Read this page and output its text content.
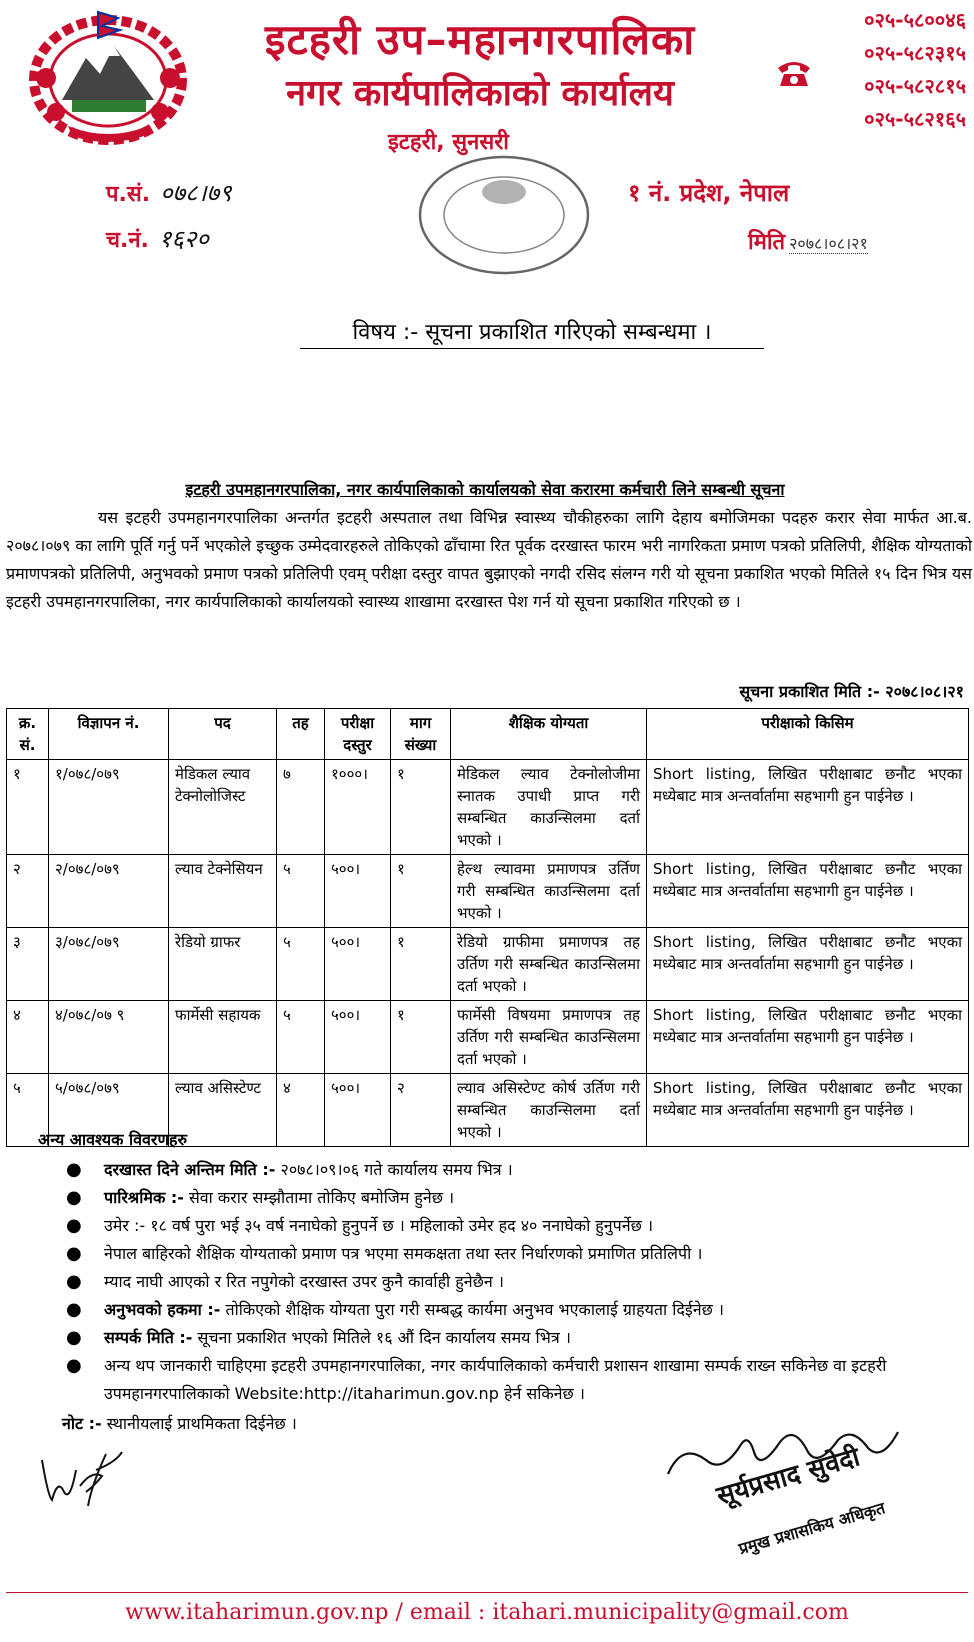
इटहरी उप–महानगरपालिका
नगर कार्यपालिकाको कार्यालय
इटहरी, सुनसरी
०२५-५८००४६
०२५-५८२३१५
०२५-५८२८१५
०२५-५८२१६५
प.सं. ०७८।७९
च.नं. १६२०
१ नं. प्रदेश, नेपाल
मिति २०७८।०८।२१
विषय :- सूचना प्रकाशित गरिएको सम्बन्धमा ।
इटहरी उपमहानगरपालिका, नगर कार्यपालिकाको कार्यालयको सेवा करारमा कर्मचारी लिने सम्बन्धी सूचना
यस इटहरी उपमहानगरपालिका अन्तर्गत इटहरी अस्पताल तथा विभिन्न स्वास्थ्य चौकीहरुका लागि देहाय बमोजिमका पदहरु करार सेवा मार्फत आ.ब. २०७८।०७९ का लागि पूर्ति गर्नु पर्ने भएकोले इच्छुक उम्मेदवारहरुले तोकिएको ढाँचामा रित पूर्वक दरखास्त फारम भरी नागरिकता प्रमाण पत्रको प्रतिलिपी, शैक्षिक योग्यताको प्रमाणपत्रको प्रतिलिपी, अनुभवको प्रमाण पत्रको प्रतिलिपी एवम् परीक्षा दस्तुर वापत बुझाएको नगदी रसिद संलग्न गरी यो सूचना प्रकाशित भएको मितिले १५ दिन भित्र यस इटहरी उपमहानगरपालिका, नगर कार्यपालिकाको कार्यालयको स्वास्थ्य शाखामा दरखास्त पेश गर्न यो सूचना प्रकाशित गरिएको छ ।
सूचना प्रकाशित मिति :- २०७८।०८।२१
क्र. सं.	विज्ञापन नं.	पद	तह	परीक्षा दस्तुर	माग संख्या	शैक्षिक योग्यता	परीक्षाको किसिम
१	१/०७८/०७९	मेडिकल ल्याव टेक्नोलोजिस्ट	७	१०००।	१	मेडिकल ल्याव टेक्नोलोजीमा स्नातक उपाधी प्राप्त गरी सम्बन्धित काउन्सिलमा दर्ता भएको ।	Short listing, लिखित परीक्षाबाट छनौट भएका मध्येबाट मात्र अन्तर्वार्तामा सहभागी हुन पाईनेछ ।
२	२/०७८/०७९	ल्याव टेक्नेसियन	५	५००।	१	हेल्थ ल्यावमा प्रमाणपत्र उर्तिण गरी सम्बन्धित काउन्सिलमा दर्ता भएको ।	Short listing, लिखित परीक्षाबाट छनौट भएका मध्येबाट मात्र अन्तर्वार्तामा सहभागी हुन पाईनेछ ।
३	३/०७८/०७९	रेडियो ग्राफर	५	५००।	१	रेडियो ग्राफीमा प्रमाणपत्र तह उर्तिण गरी सम्बन्धित काउन्सिलमा दर्ता भएको ।	Short listing, लिखित परीक्षाबाट छनौट भएका मध्येबाट मात्र अन्तर्वार्तामा सहभागी हुन पाईनेछ ।
४	४/०७८/०७ ९	फार्मेसी सहायक	५	५००।	१	फार्मेसी विषयमा प्रमाणपत्र तह उर्तिण गरी सम्बन्धित काउन्सिलमा दर्ता भएको ।	Short listing, लिखित परीक्षाबाट छनौट भएका मध्येबाट मात्र अन्तर्वार्तामा सहभागी हुन पाईनेछ ।
५	५/०७८/०७९	ल्याव असिस्टेण्ट	४	५००।	२	ल्याव असिस्टेण्ट कोर्ष उर्तिण गरी सम्बन्धित काउन्सिलमा दर्ता भएको ।	Short listing, लिखित परीक्षाबाट छनौट भएका मध्येबाट मात्र अन्तर्वार्तामा सहभागी हुन पाईनेछ ।
अन्य आवश्यक विवरणहरु
● दरखास्त दिने अन्तिम मिति :- २०७८।०९।०६ गते कार्यालय समय भित्र ।
● पारिश्रमिक :- सेवा करार सम्झौतामा तोकिए बमोजिम हुनेछ ।
● उमेर :- १८ वर्ष पुरा भई ३५ वर्ष ननाघेको हुनुपर्ने छ । महिलाको उमेर हद ४० ननाघेको हुनुपर्नेछ ।
● नेपाल बाहिरको शैक्षिक योग्यताको प्रमाण पत्र भएमा समकक्षता तथा स्तर निर्धारणको प्रमाणित प्रतिलिपी ।
● म्याद नाघी आएको र रित नपुगेको दरखास्त उपर कुनै कार्वाही हुनेछैन ।
● अनुभवको हकमा :- तोकिएको शैक्षिक योग्यता पुरा गरी सम्बद्ध कार्यमा अनुभव भएकालाई ग्राहयता दिईनेछ ।
● सम्पर्क मिति :- सूचना प्रकाशित भएको मितिले १६ औं दिन कार्यालय समय भित्र ।
● अन्य थप जानकारी चाहिएमा इटहरी उपमहानगरपालिका, नगर कार्यपालिकाको कर्मचारी प्रशासन शाखामा सम्पर्क राख्न सकिनेछ वा इटहरी उपमहानगरपालिकाको Website:http://itaharimun.gov.np हेर्न सकिनेछ ।
नोट :- स्थानीयलाई प्राथमिकता दिईनेछ ।
सूर्यप्रसाद सुवेदी
प्रमुख प्रशासकिय अधिकृत
www.itaharimun.gov.np / email : itahari.municipality@gmail.com
